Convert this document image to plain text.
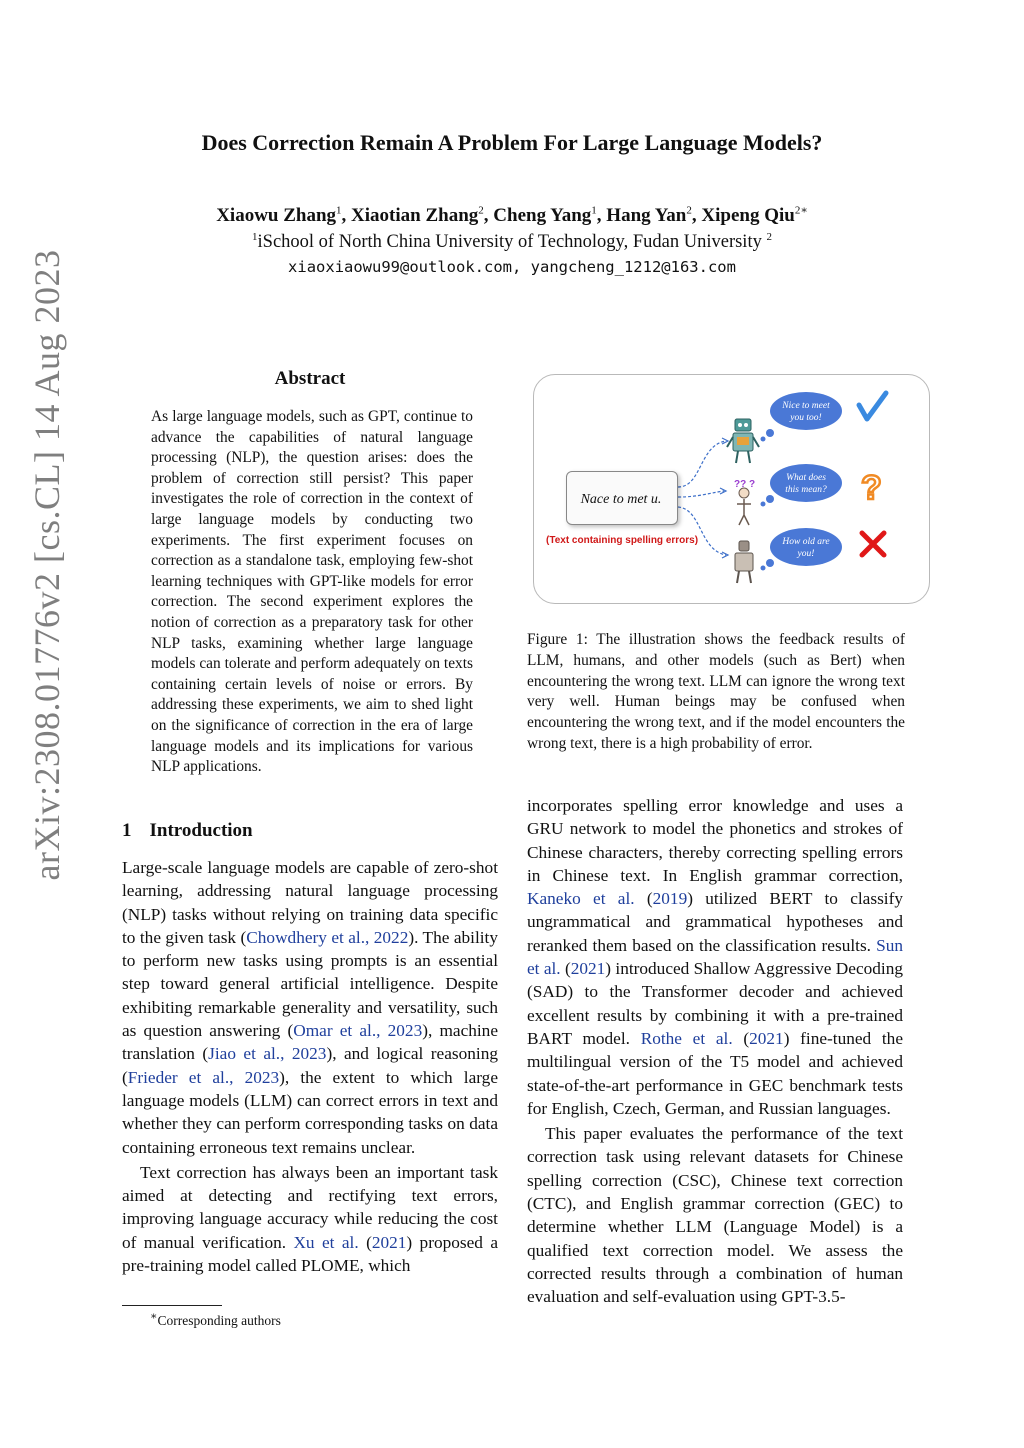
arXiv:2308.01776v2 [cs.CL] 14 Aug 2023
Does Correction Remain A Problem For Large Language Models?
Xiaowu Zhang$^1$, Xiaotian Zhang$^2$, Cheng Yang$^1$, Hang Yan$^2$, Xipeng Qiu$^{2∗}$
$^1$iSchool of North China University of Technology, Fudan University $^2$
xiaoxiaowu99@outlook.com, yangcheng_1212@163.com
Abstract
As large language models, such as GPT, continue to advance the capabilities of natural language processing (NLP), the question arises: does the problem of correction still persist? This paper investigates the role of correction in the context of large language models by conducting two experiments. The first experiment focuses on correction as a standalone task, employing few-shot learning techniques with GPT-like models for error correction. The second experiment explores the notion of correction as a preparatory task for other NLP tasks, examining whether large language models can tolerate and perform adequately on texts containing certain levels of noise or errors. By addressing these experiments, we aim to shed light on the significance of correction in the era of large language models and its implications for various NLP applications.
1 Introduction

Large-scale language models are capable of zero-shot learning, addressing natural language processing (NLP) tasks without relying on training data specific to the given task (Chowdhery et al., 2022). The ability to perform new tasks using prompts is an essential step toward general artificial intelligence. Despite exhibiting remarkable generality and versatility, such as question answering (Omar et al., 2023), machine translation (Jiao et al., 2023), and logical reasoning (Frieder et al., 2023), the extent to which large language models (LLM) can correct errors in text and whether they can perform corresponding tasks on data containing erroneous text remains unclear.

Text correction has always been an important task aimed at detecting and rectifying text errors, improving language accuracy while reducing the cost of manual verification. Xu et al. (2021) proposed a pre-training model called PLOME, which

∗Corresponding authors
?? ?
Nice to meet
you too!
What does
this mean?
How old are
you!
?
Nace to met u.
(Text containing spelling errors)
Figure 1: The illustration shows the feedback results of LLM, humans, and other models (such as Bert) when encountering the wrong text. LLM can ignore the wrong text very well. Human beings may be confused when encountering the wrong text, and if the model encounters the wrong text, there is a high probability of error.

incorporates spelling error knowledge and uses a GRU network to model the phonetics and strokes of Chinese characters, thereby correcting spelling errors in Chinese text. In English grammar correction, Kaneko et al. (2019) utilized BERT to classify ungrammatical and grammatical hypotheses and reranked them based on the classification results. Sun et al. (2021) introduced Shallow Aggressive Decoding (SAD) to the Transformer decoder and achieved excellent results by combining it with a pre-trained BART model. Rothe et al. (2021) fine-tuned the multilingual version of the T5 model and achieved state-of-the-art performance in GEC benchmark tests for English, Czech, German, and Russian languages.

This paper evaluates the performance of the text correction task using relevant datasets for Chinese spelling correction (CSC), Chinese text correction (CTC), and English grammar correction (GEC) to determine whether LLM (Language Model) is a qualified text correction model. We assess the corrected results through a combination of human evaluation and self-evaluation using GPT-3.5-
